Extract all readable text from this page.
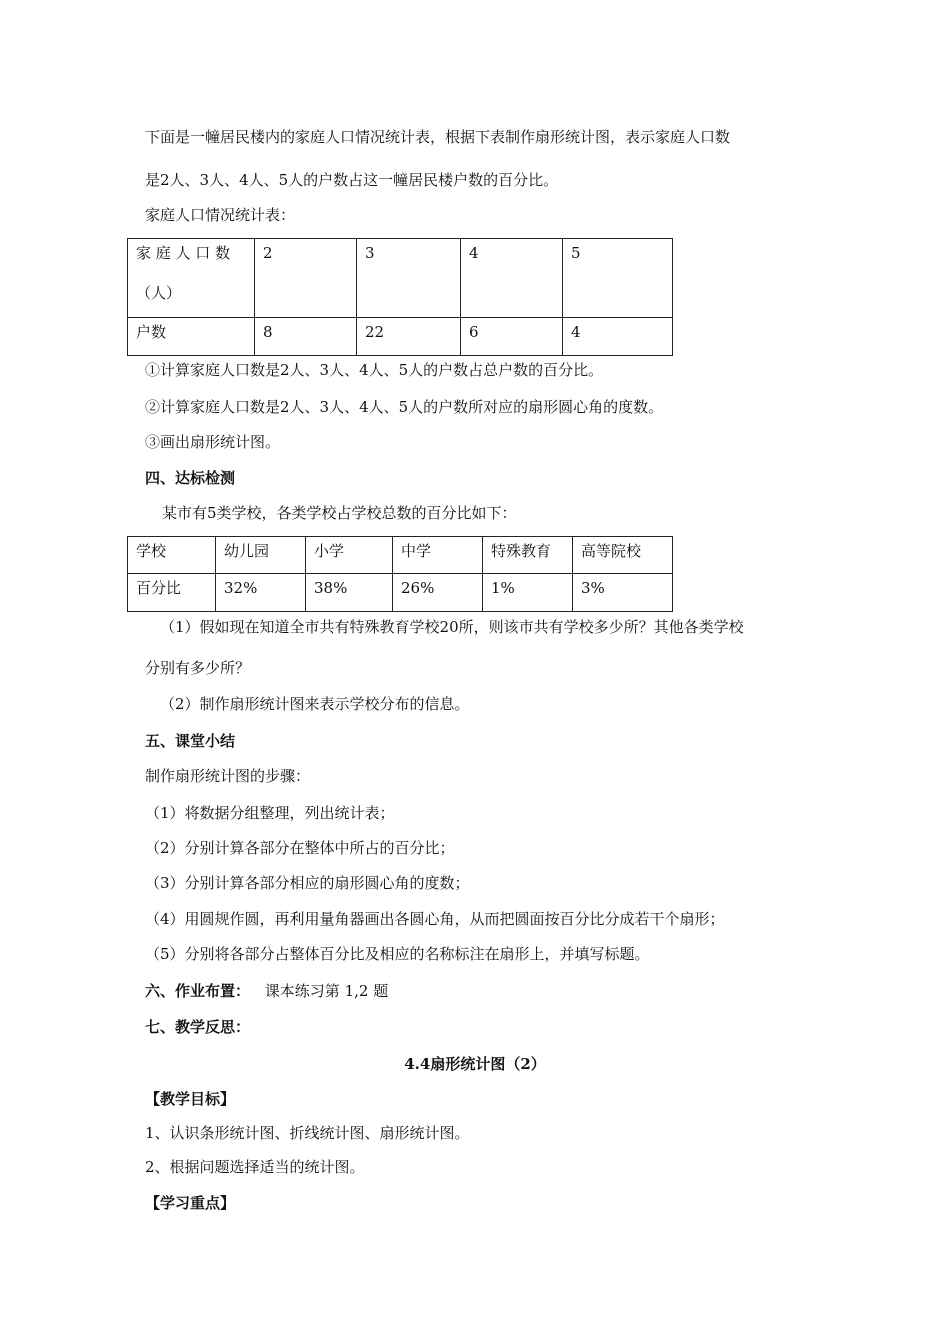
下面是一幢居民楼内的家庭人口情况统计表，根据下表制作扇形统计图，表示家庭人口数
是2人、3人、4人、5人的户数占这一幢居民楼户数的百分比。
家庭人口情况统计表：
家 庭 人 口 数
（人）	2	3	4	5
户数	8	22	6	4
①计算家庭人口数是2人、3人、4人、5人的户数占总户数的百分比。
②计算家庭人口数是2人、3人、4人、5人的户数所对应的扇形圆心角的度数。
③画出扇形统计图。
四、达标检测
某市有5类学校，各类学校占学校总数的百分比如下：
学校	幼儿园	小学	中学	特殊教育	高等院校
百分比	32%	38%	26%	1%	3%
（1）假如现在知道全市共有特殊教育学校20所，则该市共有学校多少所？其他各类学校
分别有多少所？
（2）制作扇形统计图来表示学校分布的信息。
五、课堂小结
制作扇形统计图的步骤：
（1）将数据分组整理，列出统计表；
（2）分别计算各部分在整体中所占的百分比；
（3）分别计算各部分相应的扇形圆心角的度数；
（4）用圆规作圆，再利用量角器画出各圆心角，从而把圆面按百分比分成若干个扇形；
（5）分别将各部分占整体百分比及相应的名称标注在扇形上，并填写标题。
六、作业布置： 课本练习第 1,2 题
七、教学反思：
4.4扇形统计图（2）
【教学目标】
1、认识条形统计图、折线统计图、扇形统计图。
2、根据问题选择适当的统计图。
【学习重点】
